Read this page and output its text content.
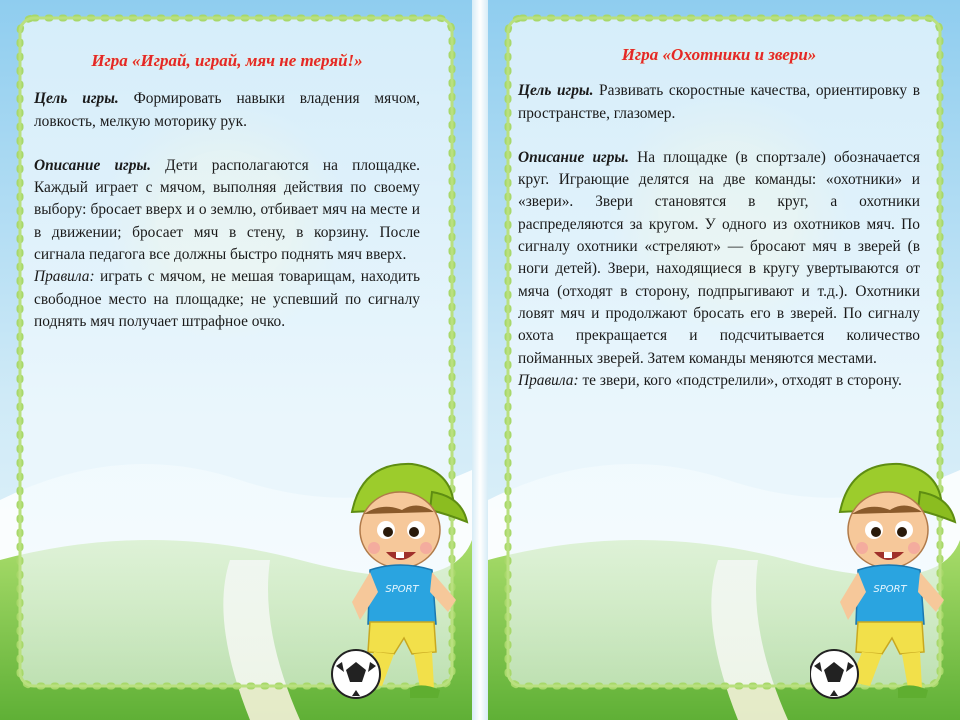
Игра «Играй, играй, мяч не теряй!»

Цель игры. Формировать навыки владения мячом, ловкость, мелкую моторику рук.

Описание игры. Дети располагаются на площадке. Каждый играет с мячом, выполняя действия по своему выбору: бросает вверх и о землю, отбивает мяч на месте и в движении; бросает мяч в стену, в корзину. После сигнала педагога все должны быстро поднять мяч вверх.

Правила: играть с мячом, не мешая товарищам, находить свободное место на площадке; не успевший по сигналу поднять мяч получает штрафное очко.

SPORT
Игра «Охотники и звери»

Цель игры. Развивать скоростные качества, ориентировку в пространстве, глазомер.

Описание игры. На площадке (в спортзале) обозначается круг. Играющие делятся на две команды: «охотники» и «звери». Звери становятся в круг, а охотники распределяются за кругом. У одного из охотников мяч. По сигналу охотники «стреляют» — бросают мяч в зверей (в ноги детей). Звери, находящиеся в кругу увертываются от мяча (отходят в сторону, подпрыгивают и т.д.). Охотники ловят мяч и продолжают бросать его в зверей. По сигналу охота прекращается и подсчитывается количество пойманных зверей. Затем команды меняются местами.

Правила: те звери, кого «подстрелили», отходят в сторону.

SPORT
